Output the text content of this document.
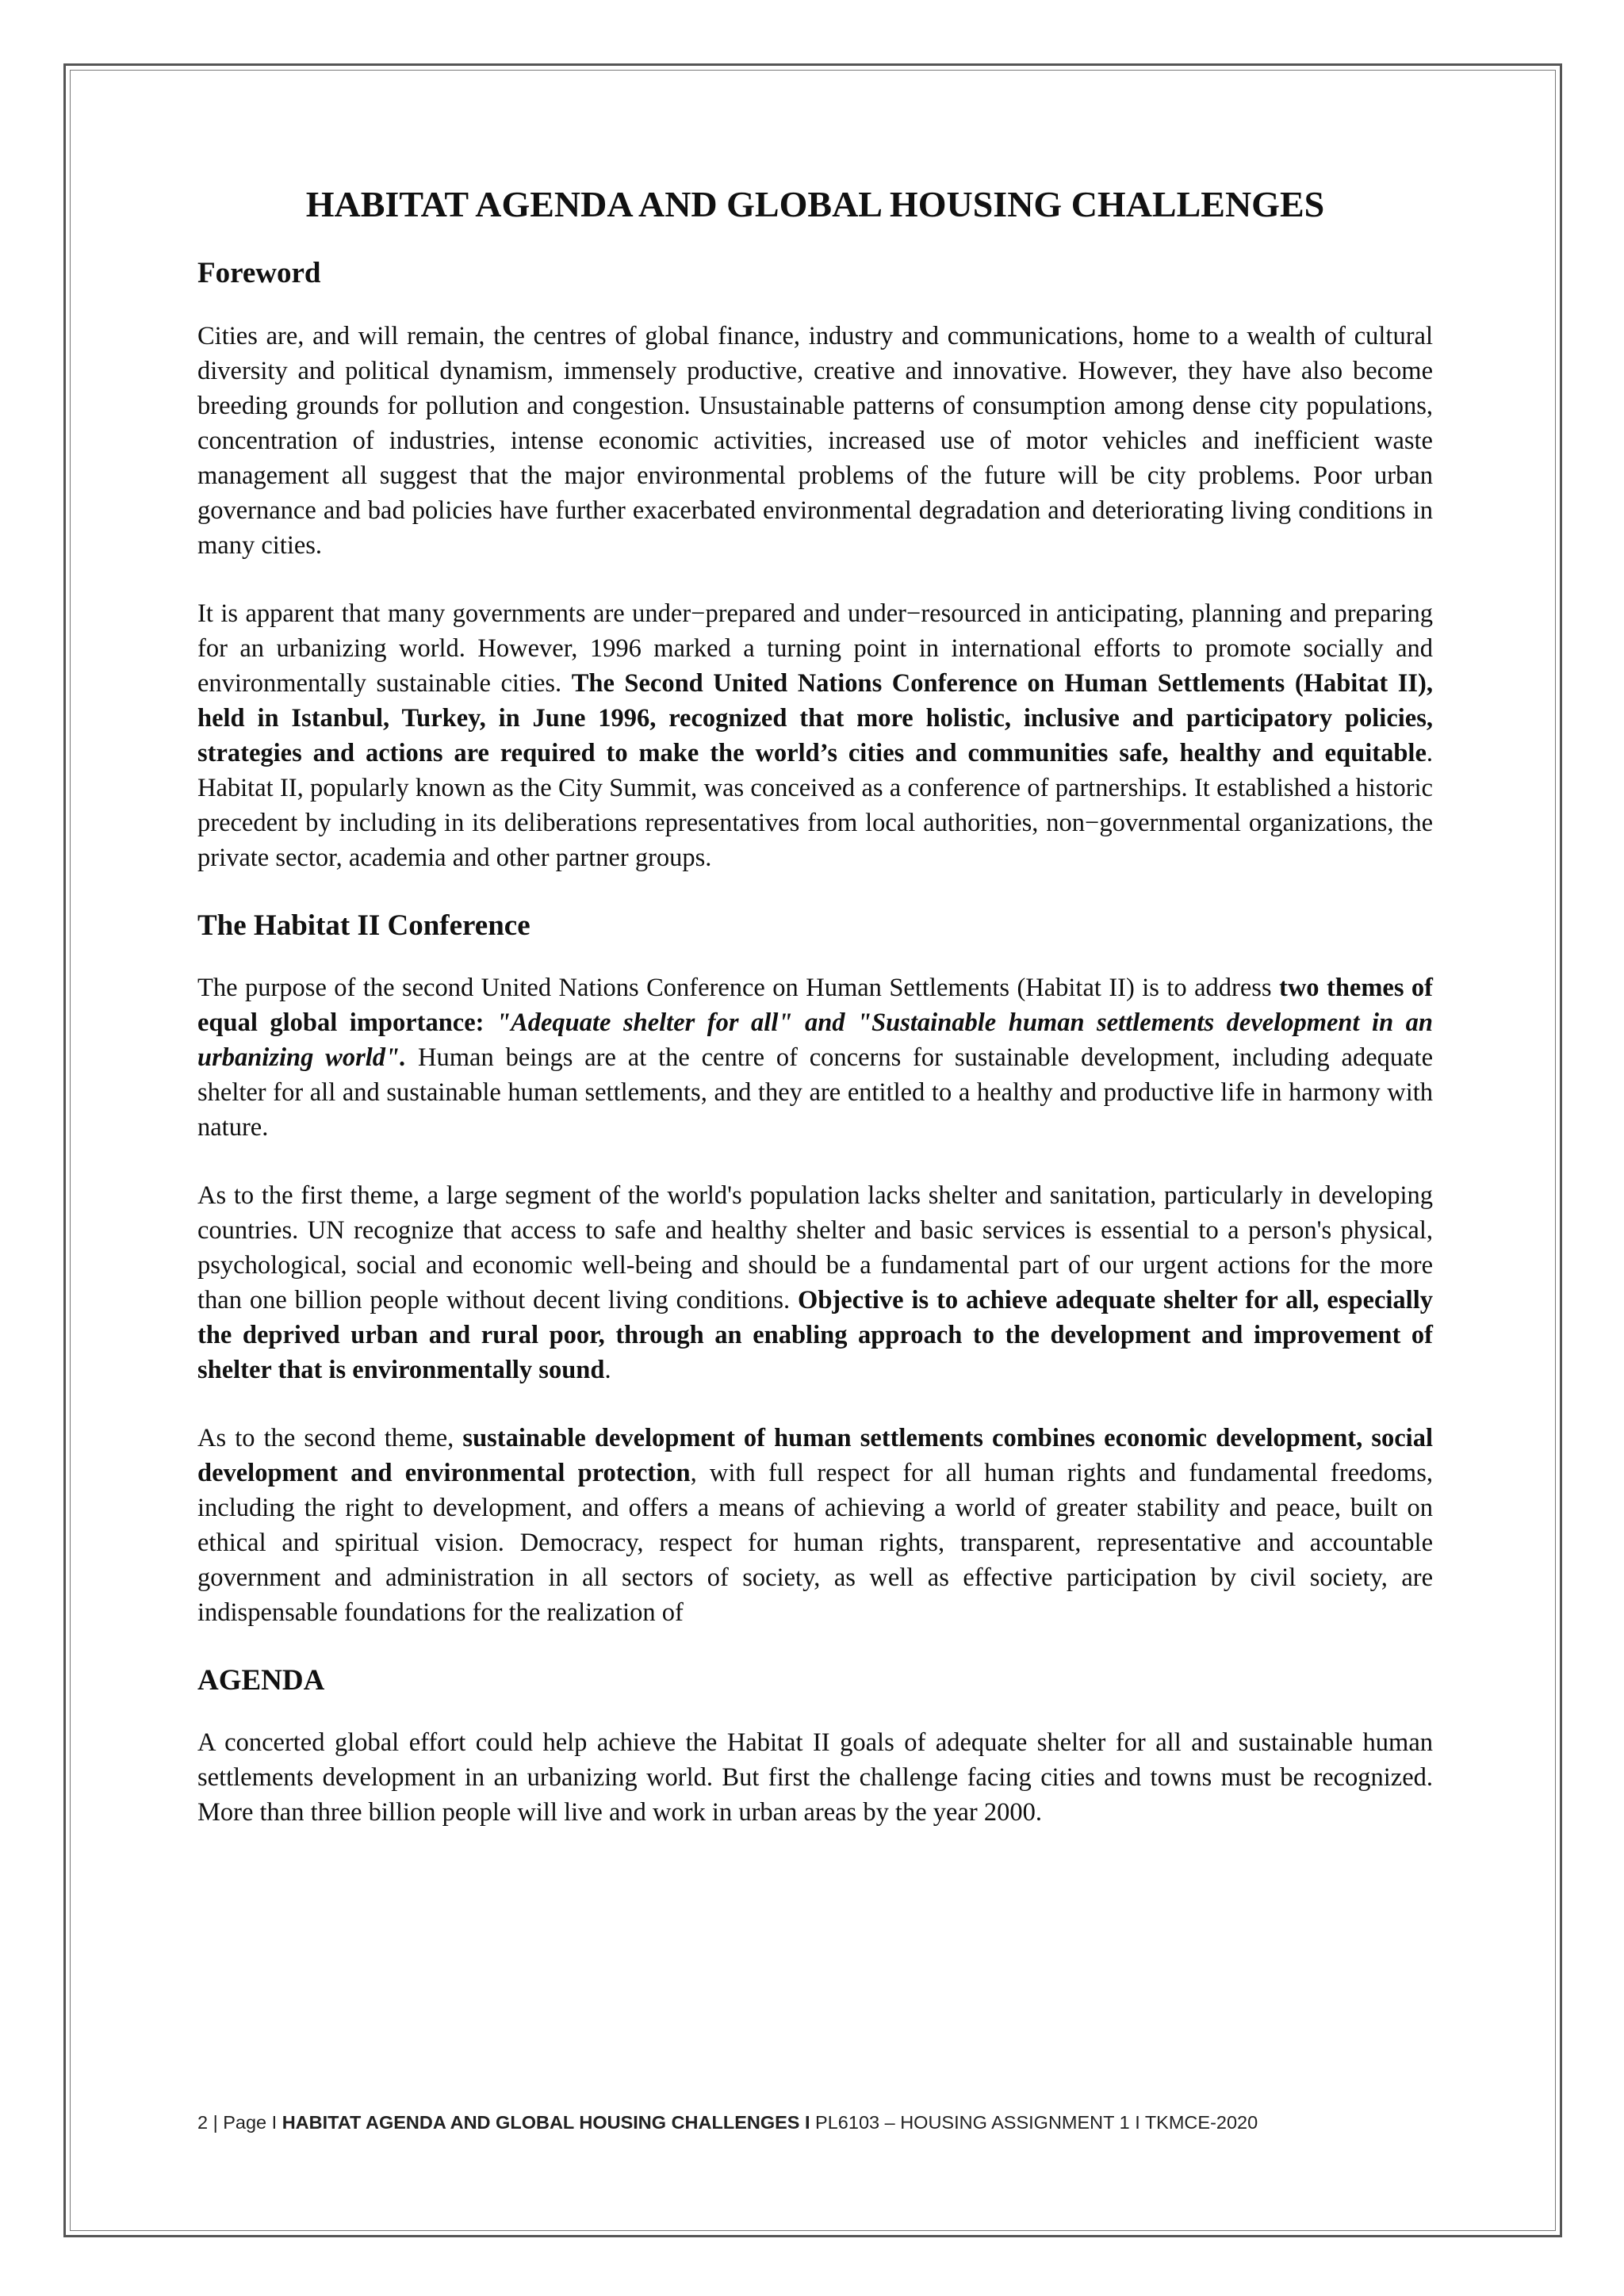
HABITAT AGENDA AND GLOBAL HOUSING CHALLENGES
Foreword

Cities are, and will remain, the centres of global finance, industry and communications, home to a wealth of cultural diversity and political dynamism, immensely productive, creative and innovative. However, they have also become breeding grounds for pollution and congestion. Unsustainable patterns of consumption among dense city populations, concentration of industries, intense economic activities, increased use of motor vehicles and inefficient waste management all suggest that the major environmental problems of the future will be city problems. Poor urban governance and bad policies have further exacerbated environmental degradation and deteriorating living conditions in many cities.

It is apparent that many governments are under−prepared and under−resourced in anticipating, planning and preparing for an urbanizing world. However, 1996 marked a turning point in international efforts to promote socially and environmentally sustainable cities. The Second United Nations Conference on Human Settlements (Habitat II), held in Istanbul, Turkey, in June 1996, recognized that more holistic, inclusive and participatory policies, strategies and actions are required to make the world’s cities and communities safe, healthy and equitable. Habitat II, popularly known as the City Summit, was conceived as a conference of partnerships. It established a historic precedent by including in its deliberations representatives from local authorities, non−governmental organizations, the private sector, academia and other partner groups.

The Habitat II Conference

The purpose of the second United Nations Conference on Human Settlements (Habitat II) is to address two themes of equal global importance: "Adequate shelter for all" and "Sustainable human settlements development in an urbanizing world". Human beings are at the centre of concerns for sustainable development, including adequate shelter for all and sustainable human settlements, and they are entitled to a healthy and productive life in harmony with nature.

As to the first theme, a large segment of the world's population lacks shelter and sanitation, particularly in developing countries. UN recognize that access to safe and healthy shelter and basic services is essential to a person's physical, psychological, social and economic well-being and should be a fundamental part of our urgent actions for the more than one billion people without decent living conditions. Objective is to achieve adequate shelter for all, especially the deprived urban and rural poor, through an enabling approach to the development and improvement of shelter that is environmentally sound.

As to the second theme, sustainable development of human settlements combines economic development, social development and environmental protection, with full respect for all human rights and fundamental freedoms, including the right to development, and offers a means of achieving a world of greater stability and peace, built on ethical and spiritual vision. Democracy, respect for human rights, transparent, representative and accountable government and administration in all sectors of society, as well as effective participation by civil society, are indispensable foundations for the realization of

AGENDA

A concerted global effort could help achieve the Habitat II goals of adequate shelter for all and sustainable human settlements development in an urbanizing world. But first the challenge facing cities and towns must be recognized. More than three billion people will live and work in urban areas by the year 2000.

2 | Page I HABITAT AGENDA AND GLOBAL HOUSING CHALLENGES I PL6103 – HOUSING ASSIGNMENT 1 I TKMCE-2020
